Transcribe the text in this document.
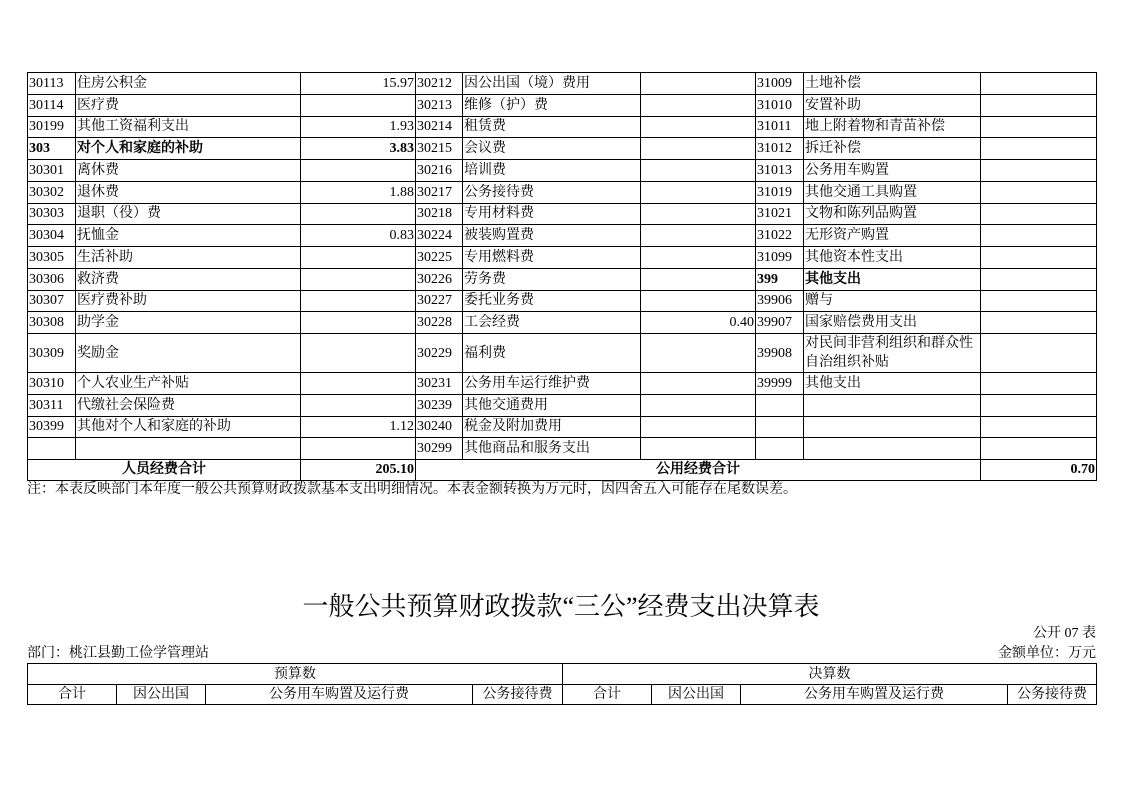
30113	住房公积金	15.97	30212	因公出国（境）费用		31009	土地补偿	
30114	医疗费		30213	维修（护）费		31010	安置补助	
30199	其他工资福利支出	1.93	30214	租赁费		31011	地上附着物和青苗补偿	
303	对个人和家庭的补助	3.83	30215	会议费		31012	拆迁补偿	
30301	离休费		30216	培训费		31013	公务用车购置	
30302	退休费	1.88	30217	公务接待费		31019	其他交通工具购置	
30303	退职（役）费		30218	专用材料费		31021	文物和陈列品购置	
30304	抚恤金	0.83	30224	被装购置费		31022	无形资产购置	
30305	生活补助		30225	专用燃料费		31099	其他资本性支出	
30306	救济费		30226	劳务费		399	其他支出	
30307	医疗费补助		30227	委托业务费		39906	赠与	
30308	助学金		30228	工会经费	0.40	39907	国家赔偿费用支出	
30309	奖励金		30229	福利费		39908	对民间非营利组织和群众性自治组织补贴	
30310	个人农业生产补贴		30231	公务用车运行维护费		39999	其他支出	
30311	代缴社会保险费		30239	其他交通费用				
30399	其他对个人和家庭的补助	1.12	30240	税金及附加费用				
			30299	其他商品和服务支出				
人员经费合计		205.10	公用经费合计					0.70
注：本表反映部门本年度一般公共预算财政拨款基本支出明细情况。本表金额转换为万元时，因四舍五入可能存在尾数误差。
一般公共预算财政拨款“三公”经费支出决算表
公开 07 表
部门：桃江县勤工俭学管理站	金额单位：万元
预算数				决算数			
合计	因公出国	公务用车购置及运行费	公务接待费	合计	因公出国	公务用车购置及运行费	公务接待费
